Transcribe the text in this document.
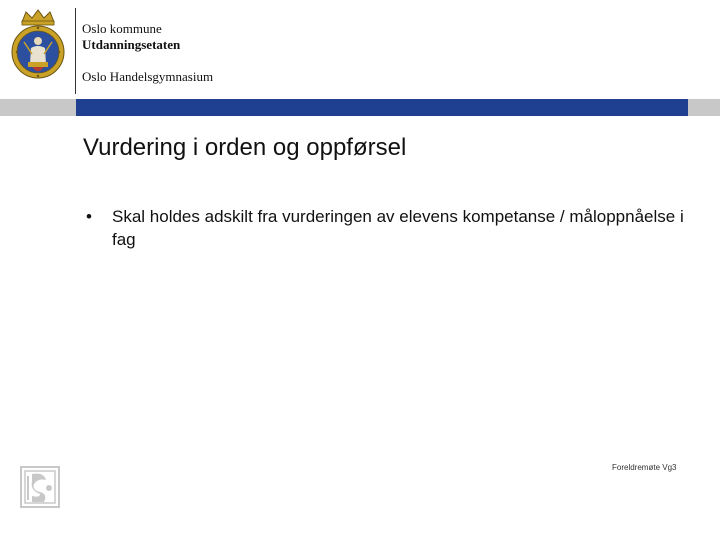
Oslo kommune
Utdanningsetaten
Oslo Handelsgymnasium
Vurdering i orden og oppførsel
• Skal holdes adskilt fra vurderingen av elevens kompetanse / måloppnåelse i fag
Foreldremøte Vg3
